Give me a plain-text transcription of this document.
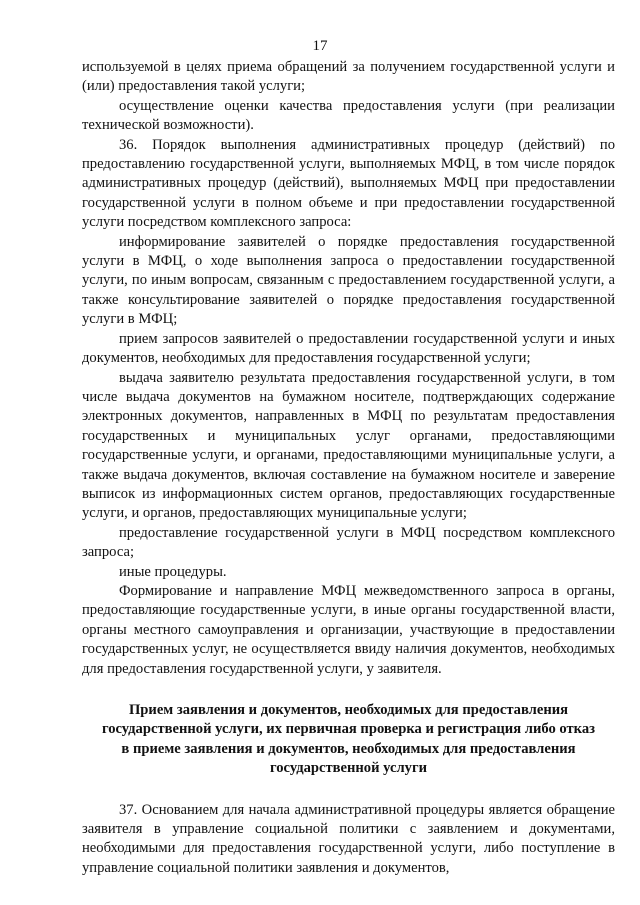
17

используемой в целях приема обращений за получением государственной услуги и (или) предоставления такой услуги;

осуществление оценки качества предоставления услуги (при реализации технической возможности).

36. Порядок выполнения административных процедур (действий) по предоставлению государственной услуги, выполняемых МФЦ, в том числе порядок административных процедур (действий), выполняемых МФЦ при предоставлении государственной услуги в полном объеме и при предоставлении государственной услуги посредством комплексного запроса:

информирование заявителей о порядке предоставления государственной услуги в МФЦ, о ходе выполнения запроса о предоставлении государственной услуги, по иным вопросам, связанным с предоставлением государственной услуги, а также консультирование заявителей о порядке предоставления государственной услуги в МФЦ;

прием запросов заявителей о предоставлении государственной услуги и иных документов, необходимых для предоставления государственной услуги;

выдача заявителю результата предоставления государственной услуги, в том числе выдача документов на бумажном носителе, подтверждающих содержание электронных документов, направленных в МФЦ по результатам предоставления государственных и муниципальных услуг органами, предоставляющими государственные услуги, и органами, предоставляющими муниципальные услуги, а также выдача документов, включая составление на бумажном носителе и заверение выписок из информационных систем органов, предоставляющих государственные услуги, и органов, предоставляющих муниципальные услуги;

предоставление государственной услуги в МФЦ посредством комплексного запроса;

иные процедуры.

Формирование и направление МФЦ межведомственного запроса в органы, предоставляющие государственные услуги, в иные органы государственной власти, органы местного самоуправления и организации, участвующие в предоставлении государственных услуг, не осуществляется ввиду наличия документов, необходимых для предоставления государственной услуги, у заявителя.

Прием заявления и документов, необходимых для предоставления
государственной услуги, их первичная проверка и регистрация либо отказ
в приеме заявления и документов, необходимых для предоставления
государственной услуги

37. Основанием для начала административной процедуры является обращение заявителя в управление социальной политики с заявлением и документами, необходимыми для предоставления государственной услуги, либо поступление в управление социальной политики заявления и документов,
